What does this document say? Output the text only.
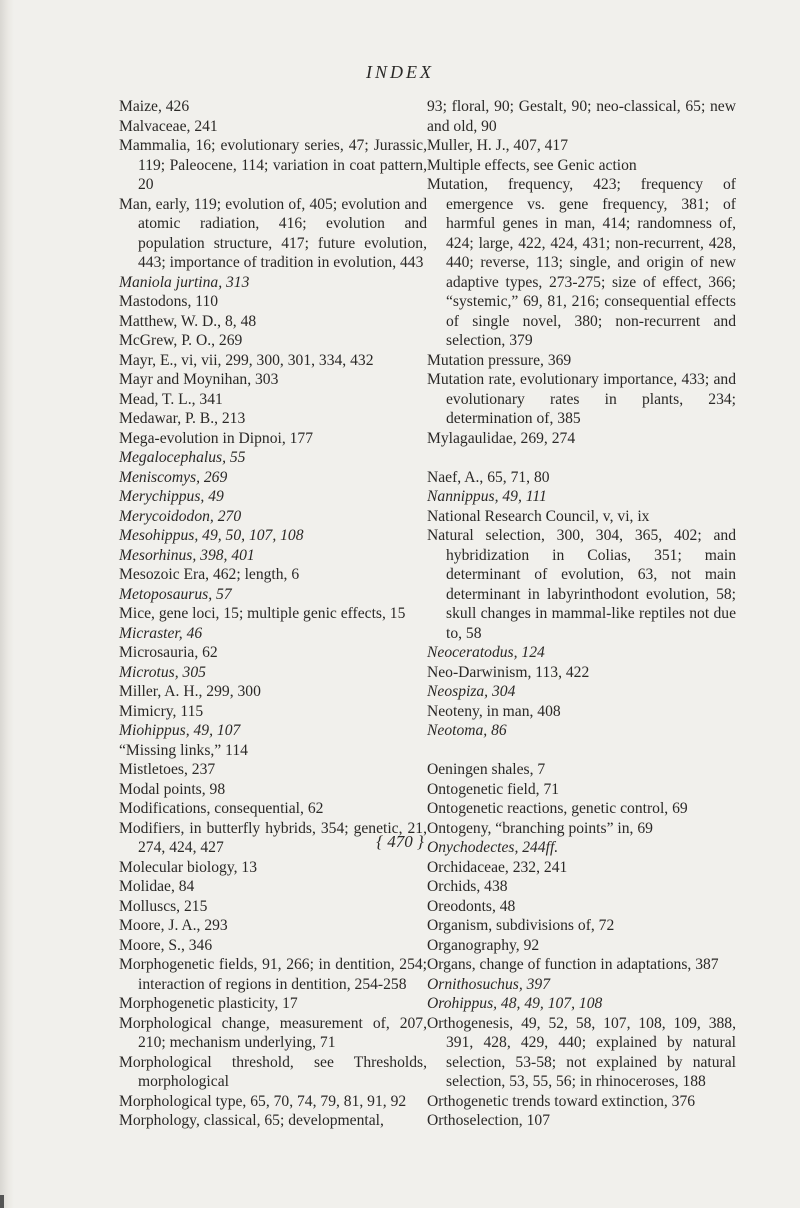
INDEX
Maize, 426
Malvaceae, 241
Mammalia, 16; evolutionary series, 47; Jurassic, 119; Paleocene, 114; variation in coat pattern, 20
Man, early, 119; evolution of, 405; evolution and atomic radiation, 416; evolution and population structure, 417; future evolution, 443; importance of tradition in evolution, 443
Maniola jurtina, 313
Mastodons, 110
Matthew, W. D., 8, 48
McGrew, P. O., 269
Mayr, E., vi, vii, 299, 300, 301, 334, 432
Mayr and Moynihan, 303
Mead, T. L., 341
Medawar, P. B., 213
Mega-evolution in Dipnoi, 177
Megalocephalus, 55
Meniscomys, 269
Merychippus, 49
Merycoidodon, 270
Mesohippus, 49, 50, 107, 108
Mesorhinus, 398, 401
Mesozoic Era, 462; length, 6
Metoposaurus, 57
Mice, gene loci, 15; multiple genic effects, 15
Micraster, 46
Microsauria, 62
Microtus, 305
Miller, A. H., 299, 300
Mimicry, 115
Miohippus, 49, 107
“Missing links,” 114
Mistletoes, 237
Modal points, 98
Modifications, consequential, 62
Modifiers, in butterfly hybrids, 354; genetic, 21, 274, 424, 427
Molecular biology, 13
Molidae, 84
Molluscs, 215
Moore, J. A., 293
Moore, S., 346
Morphogenetic fields, 91, 266; in dentition, 254; interaction of regions in dentition, 254-258
Morphogenetic plasticity, 17
Morphological change, measurement of, 207, 210; mechanism underlying, 71
Morphological threshold, see Thresholds, morphological
Morphological type, 65, 70, 74, 79, 81, 91, 92
Morphology, classical, 65; developmental,
93; floral, 90; Gestalt, 90; neo-classical, 65; new and old, 90
Muller, H. J., 407, 417
Multiple effects, see Genic action
Mutation, frequency, 423; frequency of emergence vs. gene frequency, 381; of harmful genes in man, 414; randomness of, 424; large, 422, 424, 431; non-recurrent, 428, 440; reverse, 113; single, and origin of new adaptive types, 273-275; size of effect, 366; “systemic,” 69, 81, 216; consequential effects of single novel, 380; non-recurrent and selection, 379
Mutation pressure, 369
Mutation rate, evolutionary importance, 433; and evolutionary rates in plants, 234; determination of, 385
Mylagaulidae, 269, 274
Naef, A., 65, 71, 80
Nannippus, 49, 111
National Research Council, v, vi, ix
Natural selection, 300, 304, 365, 402; and hybridization in Colias, 351; main determinant of evolution, 63, not main determinant in labyrinthodont evolution, 58; skull changes in mammal-like reptiles not due to, 58
Neoceratodus, 124
Neo-Darwinism, 113, 422
Neospiza, 304
Neoteny, in man, 408
Neotoma, 86
Oeningen shales, 7
Ontogenetic field, 71
Ontogenetic reactions, genetic control, 69
Ontogeny, “branching points” in, 69
Onychodectes, 244ff.
Orchidaceae, 232, 241
Orchids, 438
Oreodonts, 48
Organism, subdivisions of, 72
Organography, 92
Organs, change of function in adaptations, 387
Ornithosuchus, 397
Orohippus, 48, 49, 107, 108
Orthogenesis, 49, 52, 58, 107, 108, 109, 388, 391, 428, 429, 440; explained by natural selection, 53-58; not explained by natural selection, 53, 55, 56; in rhinoceroses, 188
Orthogenetic trends toward extinction, 376
Orthoselection, 107
{ 470 }
